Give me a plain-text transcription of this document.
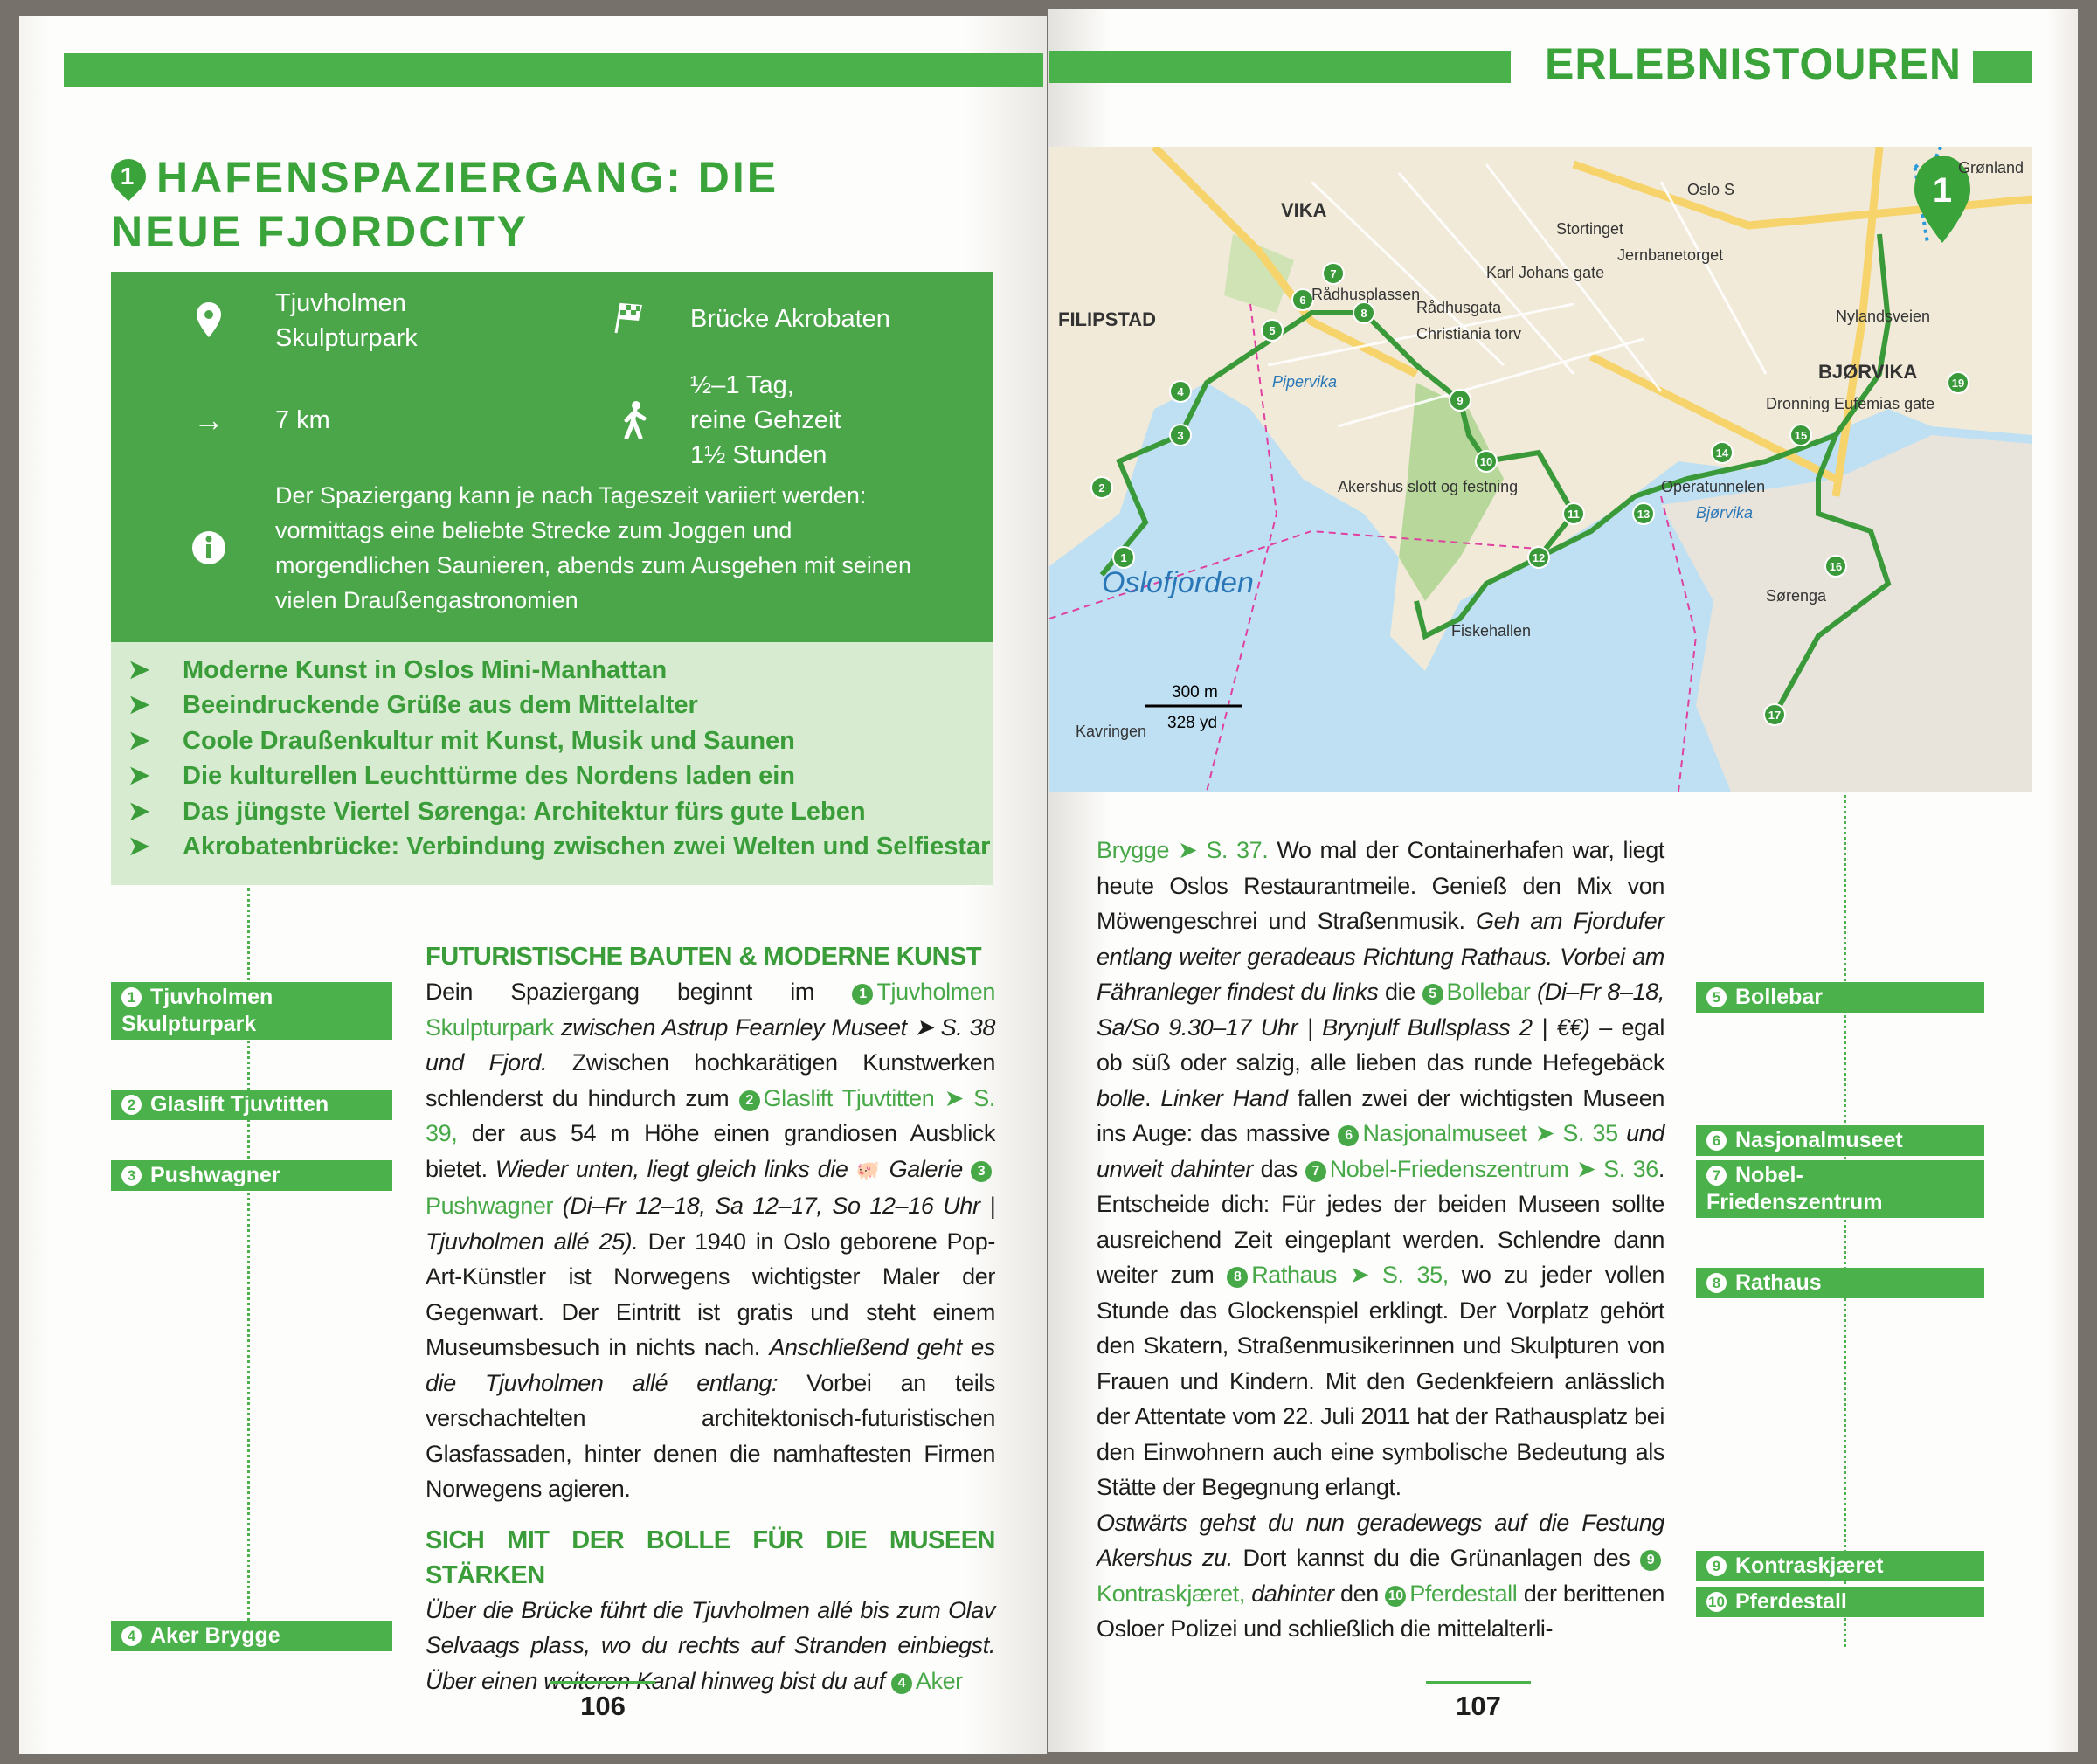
1 HAFENSPAZIERGANG: DIE NEUE FJORDCITY
Tjuvholmen Skulpturpark
Brücke Akrobaten
→ 7 km
½–1 Tag,
reine Gehzeit
1½ Stunden
Der Spaziergang kann je nach Tageszeit variiert werden: vormittags eine beliebte Strecke zum Joggen und morgendlichen Saunieren, abends zum Ausgehen mit seinen vielen Draußengastronomien
➤ Moderne Kunst in Oslos Mini-Manhattan
➤ Beeindruckende Grüße aus dem Mittelalter
➤ Coole Draußenkultur mit Kunst, Musik und Saunen
➤ Die kulturellen Leuchttürme des Nordens laden ein
➤ Das jüngste Viertel Sørenga: Architektur fürs gute Leben
➤ Akrobatenbrücke: Verbindung zwischen zwei Welten und Selfiestar
1 Tjuvholmen Skulpturpark
2 Glaslift Tjuvtitten
3 Pushwagner
4 Aker Brygge
FUTURISTISCHE BAUTEN & MODERNE KUNST

Dein Spaziergang beginnt im 1 Tjuvholmen Skulpturpark zwischen Astrup Fearnley Museet ➤ S. 38 und Fjord. Zwischen hochkarätigen Kunstwerken schlenderst du hindurch zum 2 Glaslift Tjuvtitten ➤ S. 39, der aus 54 m Höhe einen grandiosen Ausblick bietet. Wieder unten, liegt gleich links die 🐖 Galerie 3Pushwagner (Di–Fr 12–18, Sa 12–17, So 12–16 Uhr | Tjuvholmen allé 25). Der 1940 in Oslo geborene Pop-Art-Künstler ist Norwegens wichtigster Maler der Gegenwart. Der Eintritt ist gratis und steht einem Museumsbesuch in nichts nach. Anschließend geht es die Tjuvholmen allé entlang: Vorbei an teils verschachtelten architektonisch-futuristischen Glasfassaden, hinter denen die namhaftesten Firmen Norwegens agieren.

SICH MIT DER BOLLE FÜR DIE MUSEEN STÄRKEN

Über die Brücke führt die Tjuvholmen allé bis zum Olav Selvaags plass, wo du rechts auf Stranden einbiegst. Über einen weiteren Kanal hinweg bist du auf 4 Aker

106
ERLEBNISTOUREN
1
2
3
4
5
6
7
8
9
10
11
12
13
14
15
16
17
19
1
FILIPSTAD
VIKA
BJØRVIKA
Oslofjorden
Pipervika
Bjørvika
Rådhusplassen
Akershus slott og festning	Operatunnelen
Sørenga
Fiskehallen
Kavringen
Stortinget
Jernbanetorget
Oslo S
Grønland
Karl Johans gate
Nylandsveien
Christiania torv
Rådhusgata
Dronning Eufemias gate
300 m
328 yd

Brygge ➤ S. 37. Wo mal der Containerhafen war, liegt heute Oslos Restaurantmeile. Genieß den Mix von Möwengeschrei und Straßenmusik. Geh am Fjordufer entlang weiter geradeaus Richtung Rathaus. Vorbei am Fähranleger findest du links die 5 Bollebar (Di–Fr 8–18, Sa/So 9.30–17 Uhr | Brynjulf Bullsplass 2 | €€) – egal ob süß oder salzig, alle lieben das runde Hefegebäck bolle. Linker Hand fallen zwei der wichtigsten Museen ins Auge: das massive 6 Nasjonalmuseet ➤ S. 35 und unweit dahinter das 7 Nobel-Friedenszentrum ➤ S. 36. Entscheide dich: Für jedes der beiden Museen sollte ausreichend Zeit eingeplant werden. Schlendre dann weiter zum 8 Rathaus ➤ S. 35, wo zu jeder vollen Stunde das Glockenspiel erklingt. Der Vorplatz gehört den Skatern, Straßenmusikerinnen und Skulpturen von Frauen und Kindern. Mit den Gedenkfeiern anlässlich der Attentate vom 22. Juli 2011 hat der Rathausplatz bei den Einwohnern auch eine symbolische Bedeutung als Stätte der Begegnung erlangt.

Ostwärts gehst du nun geradewegs auf die Festung Akershus zu. Dort kannst du die Grünanlagen des 9Kontraskjæret, dahinter den 10 Pferdestall der berittenen Osloer Polizei und schließlich die mittelalterli-

5 Bollebar
6 Nasjonalmuseet
7 Nobel-Friedenszentrum
8 Rathaus
9 Kontraskjæret
10 Pferdestall
107
